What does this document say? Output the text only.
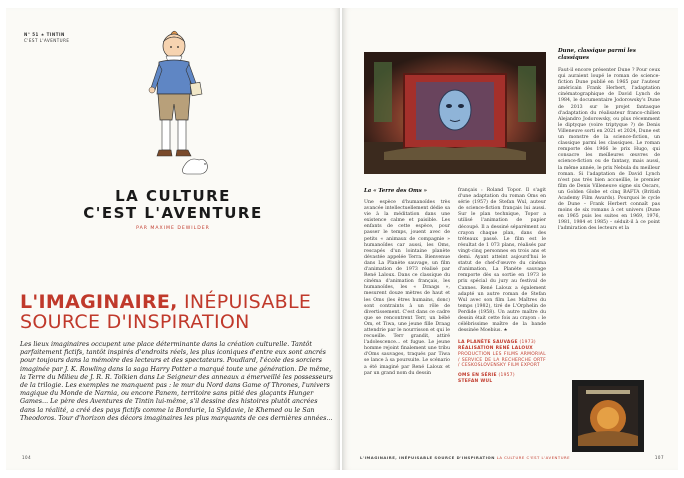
N° 51 ★ TINTIN
C'EST L'AVENTURE
LA CULTURE
C'EST L'AVENTURE
PAR MAXIME DEWILDER
L'IMAGINAIRE, INÉPUISABLE
SOURCE D'INSPIRATION

Les lieux imaginaires occupent une place déterminante dans la création culturelle. Tantôt parfaitement fictifs, tantôt inspirés d'endroits réels, les plus iconiques d'entre eux sont ancrés pour toujours dans la mémoire des lecteurs et des spectateurs. Poudlard, l'école des sorciers imaginée par J. K. Rowling dans la saga Harry Potter a marqué toute une génération. De même, la Terre du Milieu de J. R. R. Tolkien dans Le Seigneur des anneaux a émerveillé les possesseurs de la trilogie. Les exemples ne manquent pas : le mur du Nord dans Game of Thrones, l'univers magique du Monde de Narnia, ou encore Panem, territoire sans pitié des glaçants Hunger Games... Le père des Aventures de Tintin lui-même, s'il dessine des histoires plutôt ancrées dans la réalité, a créé des pays fictifs comme la Bordurie, la Syldavie, le Khemed ou le San Theodoros. Tour d'horizon des décors imaginaires les plus marquants de ces dernières années...

104
La « Terre des Oms »

Une espèce d'humanoïdes très avancée intellectuellement dédie sa vie à la méditation dans une existence calme et paisible. Les enfants de cette espèce, pour passer le temps, jouent avec de petits « animaux de compagnie » humanoïdes car aussi, les Oms, rescapés d'un lointaine planète dévastée appelée Terra. Bienvenue dans La Planète sauvage, un film d'animation de 1973 réalisé par René Laloux. Dans ce classique du cinéma d'animation français, les humanoïdes, les « Draags », mesurent douze mètres de haut et les Oms (les êtres humains, donc) sont contraints à un rôle de divertissement. C'est dans ce cadre que se rencontrent Terr, un bébé Om, et Tiwa, une jeune fille Draag attendrie par le nourrisson et qui le recueille. Terr grandit, attiré l'adolescence... et fugue. Le jeune homme rejoint finalement une tribu d'Oms sauvages, traqués par Tiwa se lance à sa poursuite. Le scénario a été imaginé par René Laloux et par un grand nom du dessin

français : Roland Topor. Il s'agit d'une adaptation du roman Oms en série (1957) de Stefan Wul, auteur de science-fiction français lui aussi. Sur le plan technique, Topor a utilisé l'animation de papier découpé. Il a dessiné séparément au crayon chaque plan, dans des tréteaux passé. Le film est le résultat de 1 073 plans, réalisés par vingt-cinq personnes en trois ans et demi. Ayant atteint aujourd'hui le statut de chef-d'œuvre du cinéma d'animation, La Planète sauvage remporte dès sa sortie en 1973 le prix spécial du jury au festival de Cannes. René Laloux a également adapté un autre roman de Stefan Wul avec son film Les Maîtres du temps (1982), tiré de L'Orphelin de Perdide (1958). Un autre maître du dessin était cette fois au crayon : le célébrissime maître de la bande dessinée Moebius. ★

LA PLANÈTE SAUVAGE (1973)
RÉALISATION RENÉ LALOUX
PRODUCTION LES FILMS ARMORIAL / SERVICE DE LA RECHERCHE ORTF / CESKOSLOVENSKY FILM EXPORT

OMS EN SÉRIE (1957)
STEFAN WUL
Dune, classique parmi les classiques

Faut-il encore présenter Dune ? Pour ceux qui auraient loupé le roman de science-fiction Dune publié en 1965 par l'auteur américain Frank Herbert, l'adaptation cinématographique de David Lynch de 1984, le documentaire Jodorowsky's Dune de 2013 sur le projet fantasque d'adaptation du réalisateur franco-chilien Alejandro Jodorowsky, ou plus récemment le diptyque (voire triptyque ?) de Denis Villeneuve sorti en 2021 et 2024, Dune est un monstre de la science-fiction, un classique parmi les classiques. Le roman remporte dès 1966 le prix Hugo, qui consacre les meilleures œuvres de science-fiction ou de fantasy, mais aussi, la même année, le prix Nebula du meilleur roman. Si l'adaptation de David Lynch n'est pas très bien accueillie, le premier film de Denis Villeneuve signe six Oscars, un Golden Globe et cinq BAFTA (British Academy Film Awards). Pourquoi le cycle de Dune – Frank Herbert connaît pas moins de six romans à cet univers (Dune en 1965 puis les suites en 1969, 1976, 1981, 1984 et 1985) – séduit-il à ce point l'admiration des lecteurs et la

L'IMAGINAIRE, INÉPUISABLE SOURCE D'INSPIRATION LA CULTURE C'EST L'AVENTURE	107
